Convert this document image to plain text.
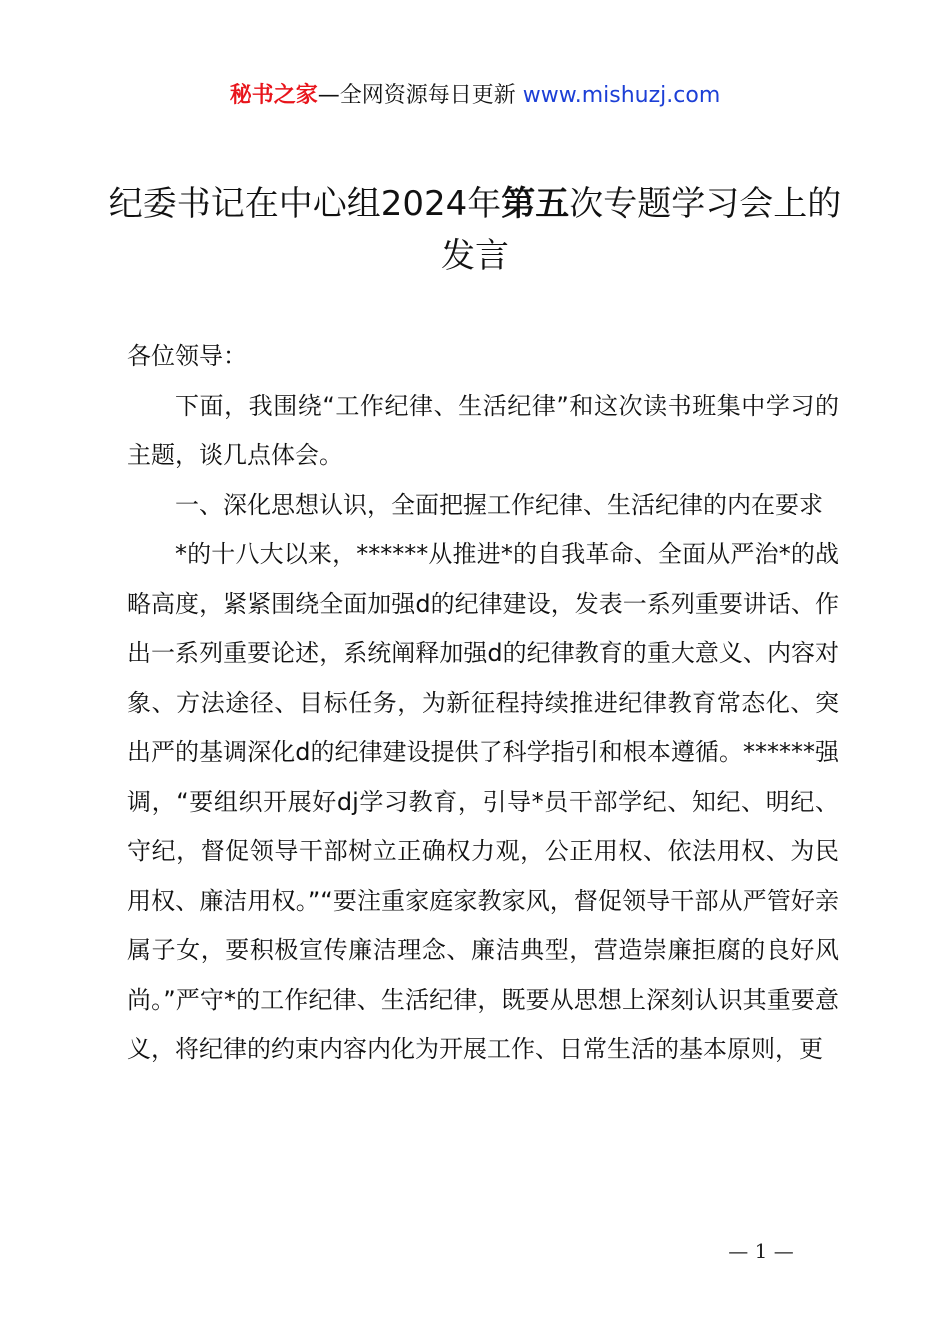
秘书之家—全网资源每日更新 www.mishuzj.com
纪委书记在中心组2024年第五次专题学习会上的发言

各位领导：

下面，我围绕“工作纪律、生活纪律”和这次读书班集中学习的主题，谈几点体会。

一、深化思想认识，全面把握工作纪律、生活纪律的内在要求

*的十八大以来，******从推进*的自我革命、全面从严治*的战略高度，紧紧围绕全面加强d的纪律建设，发表一系列重要讲话、作出一系列重要论述，系统阐释加强d的纪律教育的重大意义、内容对象、方法途径、目标任务，为新征程持续推进纪律教育常态化、突出严的基调深化d的纪律建设提供了科学指引和根本遵循。******强调，“要组织开展好dj学习教育，引导*员干部学纪、知纪、明纪、守纪，督促领导干部树立正确权力观，公正用权、依法用权、为民用权、廉洁用权。”“要注重家庭家教家风，督促领导干部从严管好亲属子女，要积极宣传廉洁理念、廉洁典型，营造崇廉拒腐的良好风尚。”严守*的工作纪律、生活纪律，既要从思想上深刻认识其重要意义，将纪律的约束内容内化为开展工作、日常生活的基本原则，更

— 1 —
